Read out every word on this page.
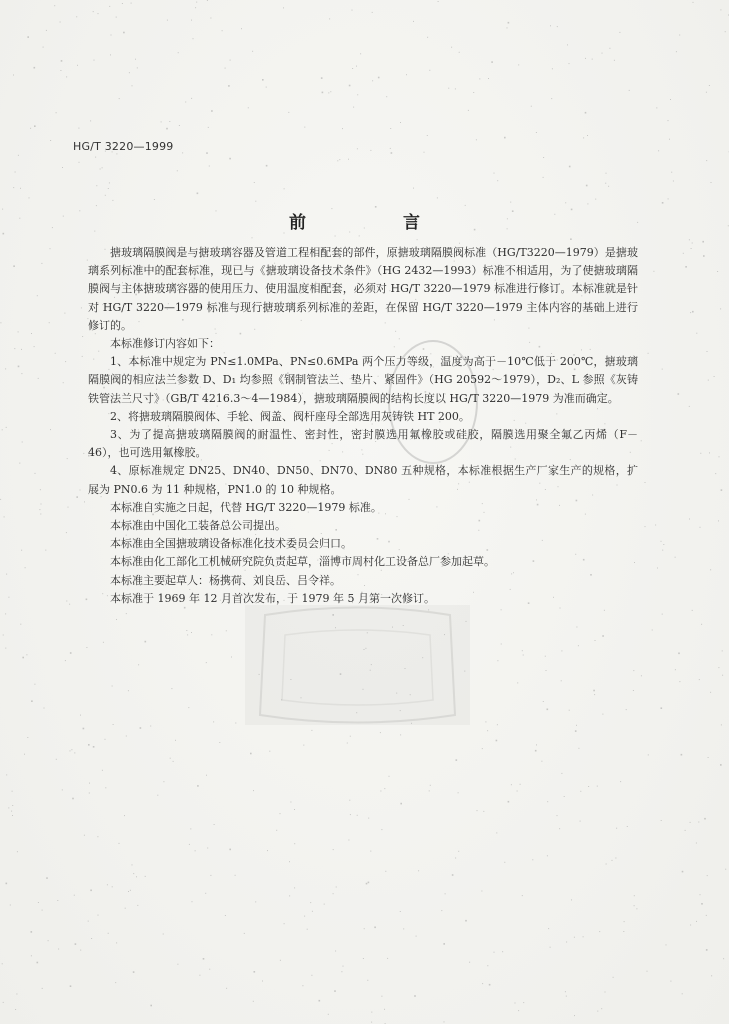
HG/T 3220—1999
前　言

搪玻璃隔膜阀是与搪玻璃容器及管道工程相配套的部件，原搪玻璃隔膜阀标准（HG/T3220—1979）是搪玻璃系列标准中的配套标准，现已与《搪玻璃设备技术条件》（HG 2432—1993）标准不相适用，为了使搪玻璃隔膜阀与主体搪玻璃容器的使用压力、使用温度相配套，必须对 HG/T 3220—1979 标准进行修订。本标准就是针对 HG/T 3220—1979 标准与现行搪玻璃系列标准的差距，在保留 HG/T 3220—1979 主体内容的基础上进行修订的。

本标准修订内容如下：

1、本标准中规定为 PN≤1.0MPa、PN≤0.6MPa 两个压力等级，温度为高于－10℃低于 200℃，搪玻璃隔膜阀的相应法兰参数 D、D₁ 均参照《钢制管法兰、垫片、紧固件》（HG 20592～1979），D₂、L 参照《灰铸铁管法兰尺寸》（GB/T 4216.3～4—1984），搪玻璃隔膜阀的结构长度以 HG/T 3220—1979 为准而确定。

2、将搪玻璃隔膜阀体、手轮、阀盖、阀杆座母全部选用灰铸铁 HT 200。

3、为了提高搪玻璃隔膜阀的耐温性、密封性，密封膜选用氟橡胶或硅胶，隔膜选用聚全氟乙丙烯（F－46），也可选用氟橡胶。

4、原标准规定 DN25、DN40、DN50、DN70、DN80 五种规格，本标准根据生产厂家生产的规格，扩展为 PN0.6 为 11 种规格，PN1.0 的 10 种规格。

本标准自实施之日起，代替 HG/T 3220—1979 标准。

本标准由中国化工装备总公司提出。

本标准由全国搪玻璃设备标准化技术委员会归口。

本标准由化工部化工机械研究院负责起草，淄博市周村化工设备总厂参加起草。

本标准主要起草人：杨携荷、刘良岳、吕令祥。

本标准于 1969 年 12 月首次发布，于 1979 年 5 月第一次修订。
